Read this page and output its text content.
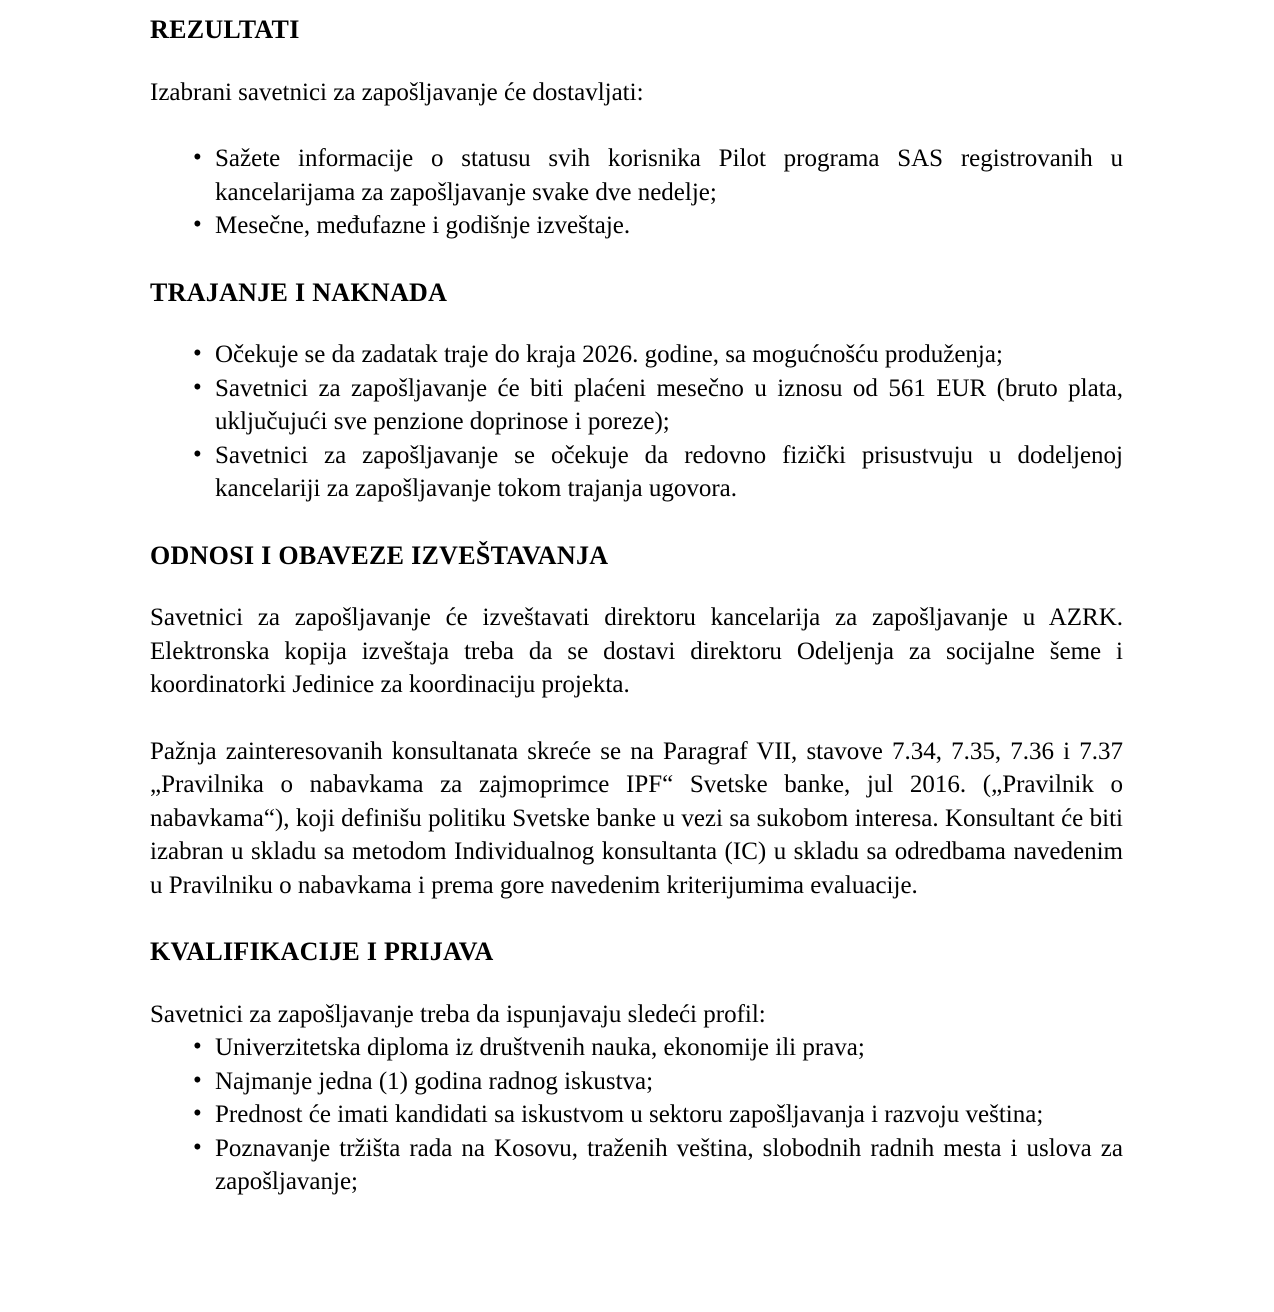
REZULTATI

Izabrani savetnici za zapošljavanje će dostavljati:

• Sažete informacije o statusu svih korisnika Pilot programa SAS registrovanih u kancelarijama za zapošljavanje svake dve nedelje;
• Mesečne, međufazne i godišnje izveštaje.
TRAJANJE I NAKNADA
• Očekuje se da zadatak traje do kraja 2026. godine, sa mogućnošću produženja;
• Savetnici za zapošljavanje će biti plaćeni mesečno u iznosu od 561 EUR (bruto plata, uključujući sve penzione doprinose i poreze);
• Savetnici za zapošljavanje se očekuje da redovno fizički prisustvuju u dodeljenoj kancelariji za zapošljavanje tokom trajanja ugovora.
ODNOSI I OBAVEZE IZVEŠTAVANJA

Savetnici za zapošljavanje će izveštavati direktoru kancelarija za zapošljavanje u AZRK. Elektronska kopija izveštaja treba da se dostavi direktoru Odeljenja za socijalne šeme i koordinatorki Jedinice za koordinaciju projekta.

Pažnja zainteresovanih konsultanata skreće se na Paragraf VII, stavove 7.34, 7.35, 7.36 i 7.37 „Pravilnika o nabavkama za zajmoprimce IPF“ Svetske banke, jul 2016. („Pravilnik o nabavkama“), koji definišu politiku Svetske banke u vezi sa sukobom interesa. Konsultant će biti izabran u skladu sa metodom Individualnog konsultanta (IC) u skladu sa odredbama navedenim u Pravilniku o nabavkama i prema gore navedenim kriterijumima evaluacije.

KVALIFIKACIJE I PRIJAVA

Savetnici za zapošljavanje treba da ispunjavaju sledeći profil:

• Univerzitetska diploma iz društvenih nauka, ekonomije ili prava;
• Najmanje jedna (1) godina radnog iskustva;
• Prednost će imati kandidati sa iskustvom u sektoru zapošljavanja i razvoju veština;
• Poznavanje tržišta rada na Kosovu, traženih veština, slobodnih radnih mesta i uslova za zapošljavanje;
